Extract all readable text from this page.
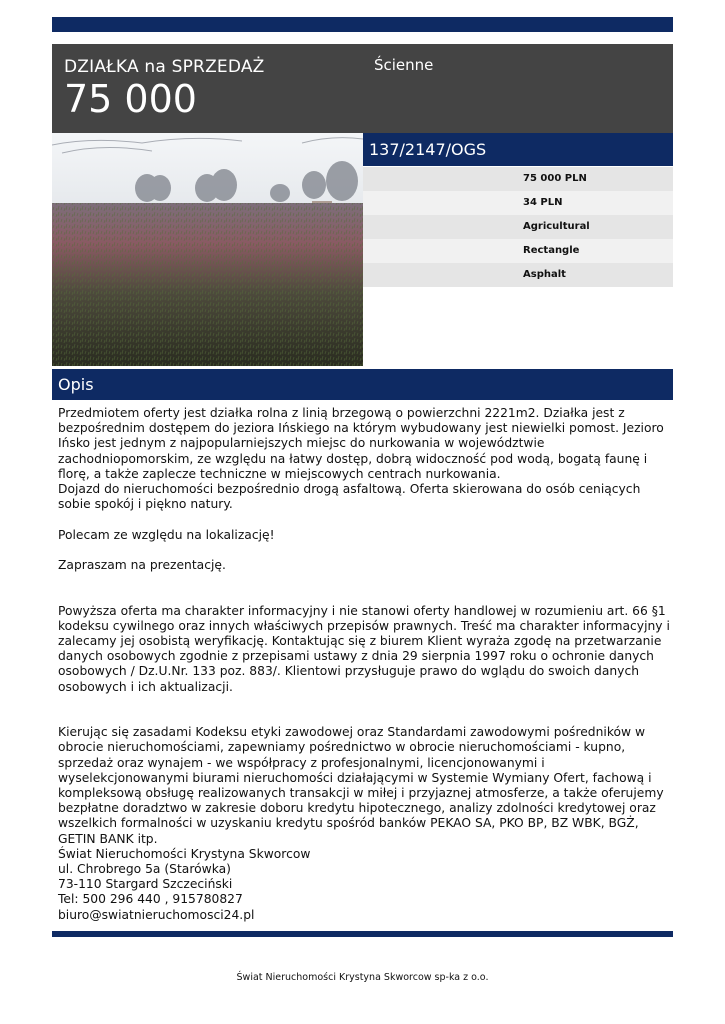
DZIAŁKA na SPRZEDAŻ
75 000
Ścienne
137/2147/OGS
75 000 PLN
34 PLN
Agricultural
Rectangle
Asphalt
Opis

Przedmiotem oferty jest działka rolna z linią brzegową o powierzchni 2221m2. Działka jest z
bezpośrednim dostępem do jeziora Ińskiego na którym wybudowany jest niewielki pomost. Jezioro
Ińsko jest jednym z najpopularniejszych miejsc do nurkowania w województwie
zachodniopomorskim, ze względu na łatwy dostęp, dobrą widoczność pod wodą, bogatą faunę i
florę, a także zaplecze techniczne w miejscowych centrach nurkowania.
Dojazd do nieruchomości bezpośrednio drogą asfaltową. Oferta skierowana do osób ceniących
sobie spokój i piękno natury.

Polecam ze względu na lokalizację!

Zapraszam na prezentację.

Powyższa oferta ma charakter informacyjny i nie stanowi oferty handlowej w rozumieniu art. 66 §1
kodeksu cywilnego oraz innych właściwych przepisów prawnych. Treść ma charakter informacyjny i
zalecamy jej osobistą weryfikację. Kontaktując się z biurem Klient wyraża zgodę na przetwarzanie
danych osobowych zgodnie z przepisami ustawy z dnia 29 sierpnia 1997 roku o ochronie danych
osobowych / Dz.U.Nr. 133 poz. 883/. Klientowi przysługuje prawo do wglądu do swoich danych
osobowych i ich aktualizacji.

Kierując się zasadami Kodeksu etyki zawodowej oraz Standardami zawodowymi pośredników w
obrocie nieruchomościami, zapewniamy pośrednictwo w obrocie nieruchomościami - kupno,
sprzedaż oraz wynajem - we współpracy z profesjonalnymi, licencjonowanymi i
wyselekcjonowanymi biurami nieruchomości działającymi w Systemie Wymiany Ofert, fachową i
kompleksową obsługę realizowanych transakcji w miłej i przyjaznej atmosferze, a także oferujemy
bezpłatne doradztwo w zakresie doboru kredytu hipotecznego, analizy zdolności kredytowej oraz
wszelkich formalności w uzyskaniu kredytu spośród banków PEKAO SA, PKO BP, BZ WBK, BGŻ,
GETIN BANK itp.

Świat Nieruchomości Krystyna Skworcow
ul. Chrobrego 5a (Starówka)
73-110 Stargard Szczeciński
Tel: 500 296 440 , 915780827
biuro@swiatnieruchomosci24.pl

Świat Nieruchomości Krystyna Skworcow sp-ka z o.o.
